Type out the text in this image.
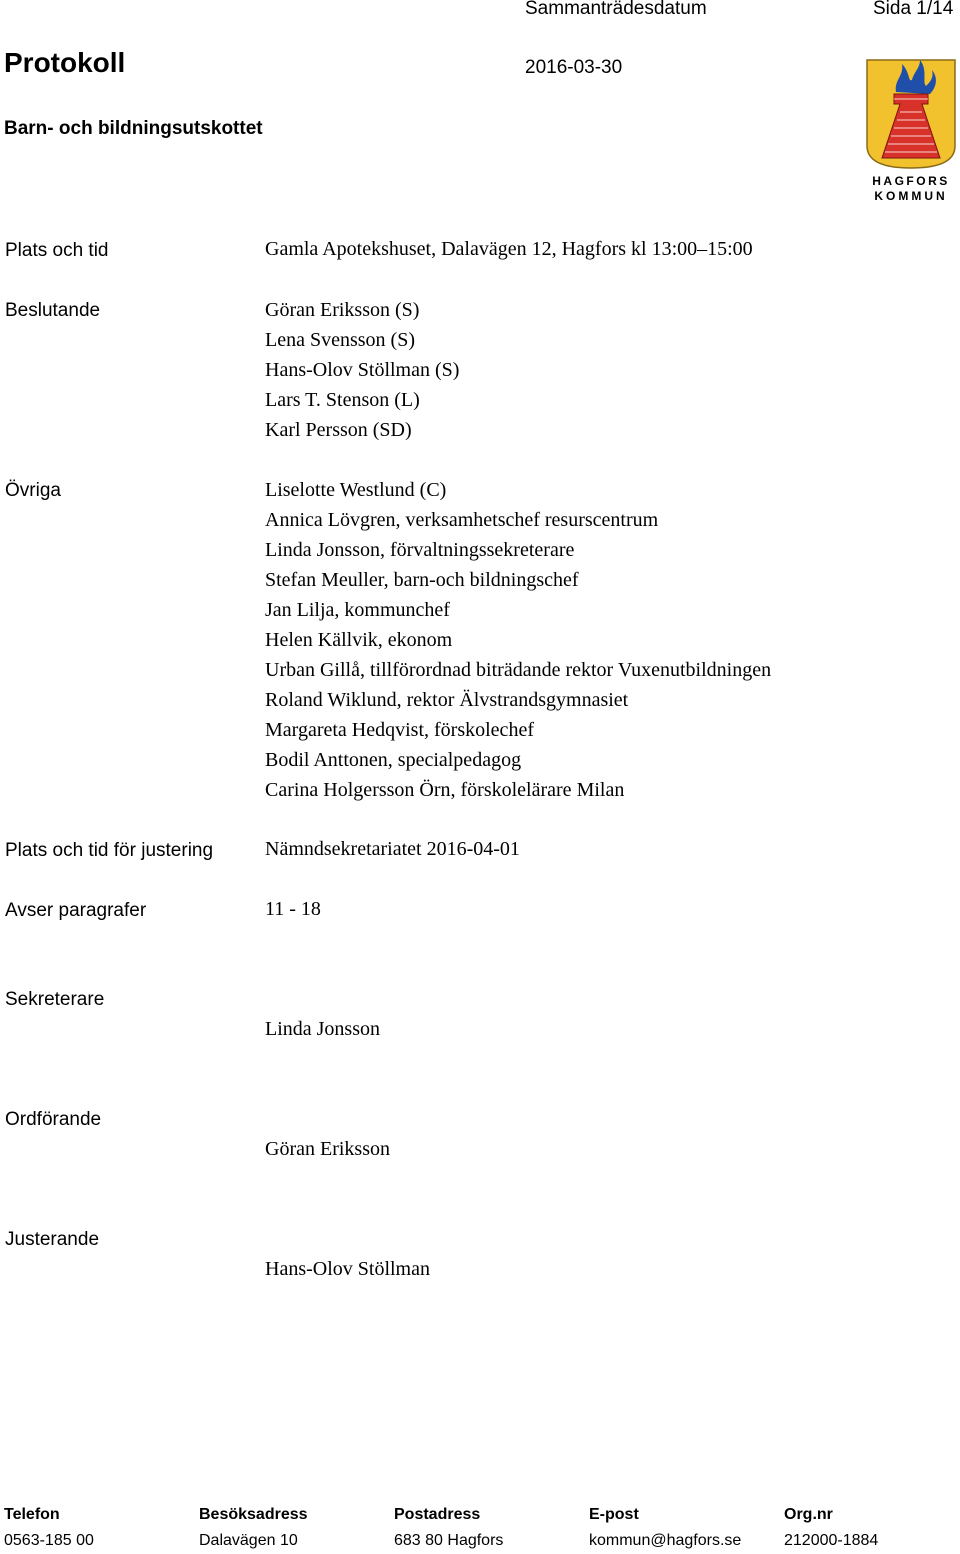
Sammanträdesdatum	Sida 1/14
Protokoll	2016-03-30
Barn- och bildningsutskottet
HAGFORS
KOMMUN
Plats och tid	Gamla Apotekshuset, Dalavägen 12, Hagfors kl 13:00–15:00
Beslutande	Göran Eriksson (S)
Lena Svensson (S)
Hans-Olov Stöllman (S)
Lars T. Stenson (L)
Karl Persson (SD)
Övriga	Liselotte Westlund (C)
Annica Lövgren, verksamhetschef resurscentrum
Linda Jonsson, förvaltningssekreterare
Stefan Meuller, barn-och bildningschef
Jan Lilja, kommunchef
Helen Källvik, ekonom
Urban Gillå, tillförordnad biträdande rektor Vuxenutbildningen
Roland Wiklund, rektor Älvstrandsgymnasiet
Margareta Hedqvist, förskolechef
Bodil Anttonen, specialpedagog
Carina Holgersson Örn, förskolelärare Milan
Plats och tid för justering	Nämndsekretariatet 2016-04-01
Avser paragrafer	11 - 18
Sekreterare
Linda Jonsson
Ordförande
Göran Eriksson
Justerande
Hans-Olov Stöllman
Telefon	Besöksadress	Postadress	E-post	Org.nr
0563-185 00	Dalavägen 10	683 80 Hagfors	kommun@hagfors.se	212000-1884
